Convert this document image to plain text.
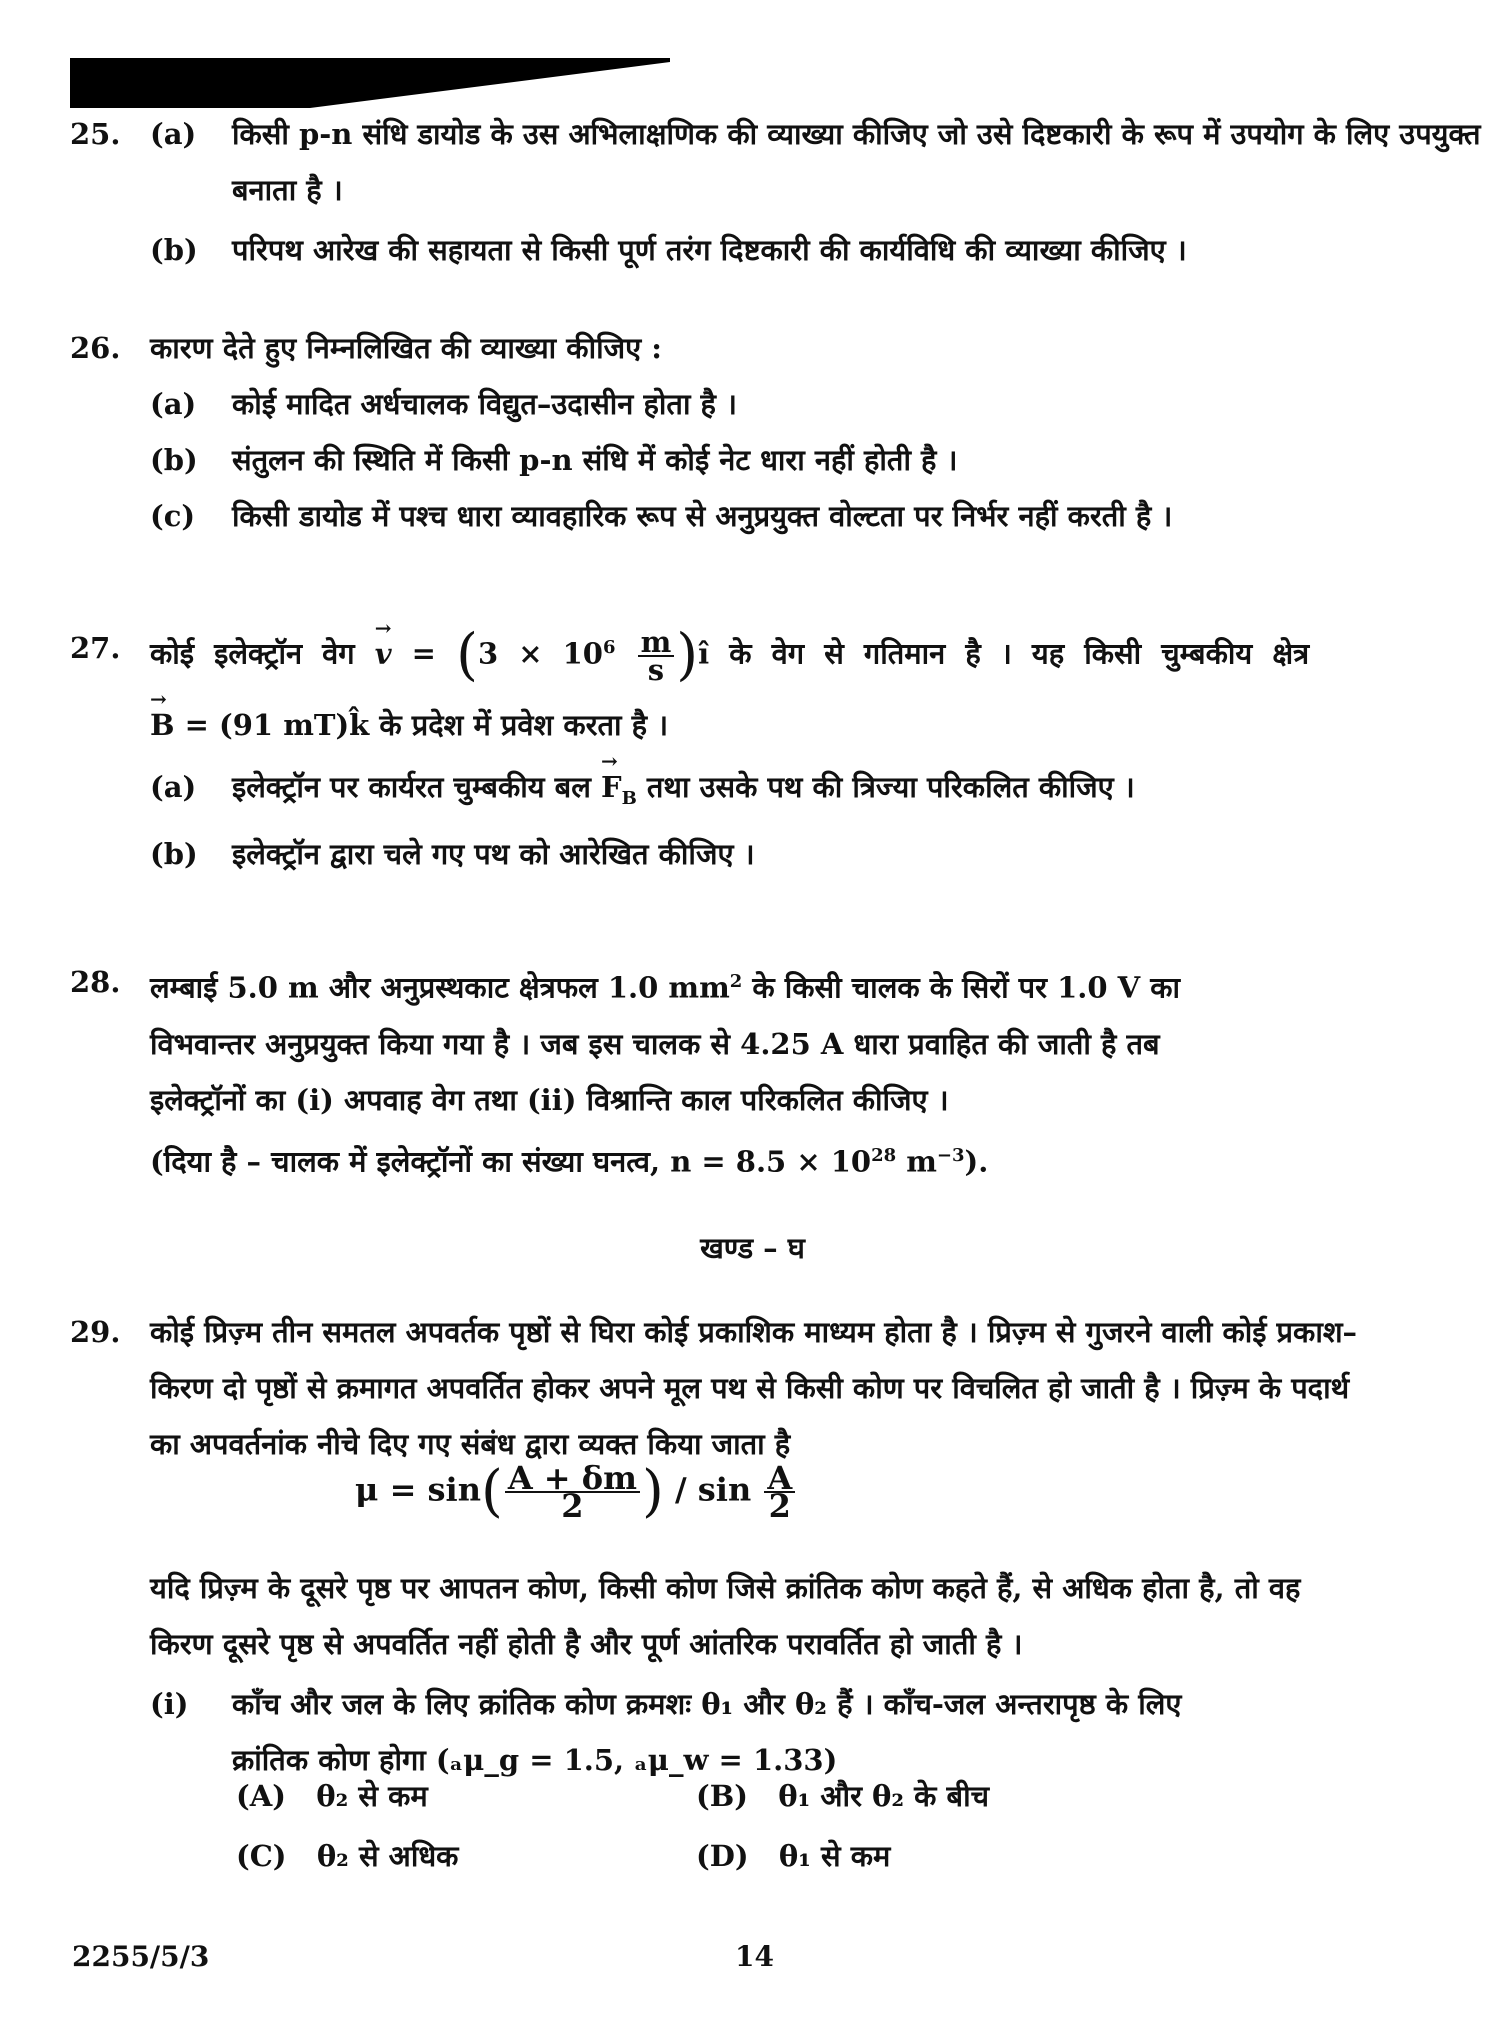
25.	(a) किसी p-n संधि डायोड के उस अभिलाक्षणिक की व्याख्या कीजिए जो उसे दिष्टकारी के रूप में उपयोग के लिए उपयुक्त बनाता है ।
(b) परिपथ आरेख की सहायता से किसी पूर्ण तरंग दिष्टकारी की कार्यविधि की व्याख्या कीजिए ।
26.	कारण देते हुए निम्नलिखित की व्याख्या कीजिए :
(a) कोई मादित अर्धचालक विद्युत–उदासीन होता है ।
(b) संतुलन की स्थिति में किसी p-n संधि में कोई नेट धारा नहीं होती है ।
(c) किसी डायोड में पश्च धारा व्यावहारिक रूप से अनुप्रयुक्त वोल्टता पर निर्भर नहीं करती है ।
27.	कोई इलेक्ट्रॉन वेग → $v = (3 \times 10^6 \frac{m}{s}$ )î के वेग से गतिमान है । यह किसी चुम्बकीय क्षेत्र
→ B = (91 mT)k̂ के प्रदेश में प्रवेश करता है ।
(a) इलेक्ट्रॉन पर कार्यरत चुम्बकीय बल → $F_B$ तथा उसके पथ की त्रिज्या परिकलित कीजिए ।
(b) इलेक्ट्रॉन द्वारा चले गए पथ को आरेखित कीजिए ।
28.	लम्बाई 5.0 m और अनुप्रस्थकाट क्षेत्रफल 1.0 $mm^2$ के किसी चालक के सिरों पर 1.0 V का
विभवान्तर अनुप्रयुक्त किया गया है । जब इस चालक से 4.25 A धारा प्रवाहित की जाती है तब
इलेक्ट्रॉनों का (i) अपवाह वेग तथा (ii) विश्रान्ति काल परिकलित कीजिए ।
(दिया है – चालक में इलेक्ट्रॉनों का संख्या घनत्व, $n = 8.5 \times 10^{28}$ $m^{-3}$).
खण्ड – घ
29.	कोई प्रिज़्म तीन समतल अपवर्तक पृष्ठों से घिरा कोई प्रकाशिक माध्यम होता है । प्रिज़्म से गुजरने वाली कोई प्रकाश–किरण दो पृष्ठों से क्रमागत अपवर्तित होकर अपने मूल पथ से किसी कोण पर विचलित हो जाती है । प्रिज़्म के पदार्थ का अपवर्तनांक नीचे दिए गए संबंध द्वारा व्यक्त किया जाता है
$\mu = \sin( \frac{A + \delta m}{2}$ ) / $\sin \frac{A}{2}$
यदि प्रिज़्म के दूसरे पृष्ठ पर आपतन कोण, किसी कोण जिसे क्रांतिक कोण कहते हैं, से अधिक होता है, तो वह किरण दूसरे पृष्ठ से अपवर्तित नहीं होती है और पूर्ण आंतरिक परावर्तित हो जाती है ।
(i) काँच और जल के लिए क्रांतिक कोण क्रमशः θ₁ और θ₂ हैं । काँच-जल अन्तरापृष्ठ के लिए
क्रांतिक कोण होगा (ₐμ_g = 1.5, ₐμ_w = 1.33)
(A) θ₂ से कम	(B) θ₁ और θ₂ के बीच
(C) θ₂ से अधिक	(D) θ₁ से कम
2255/5/3	14
